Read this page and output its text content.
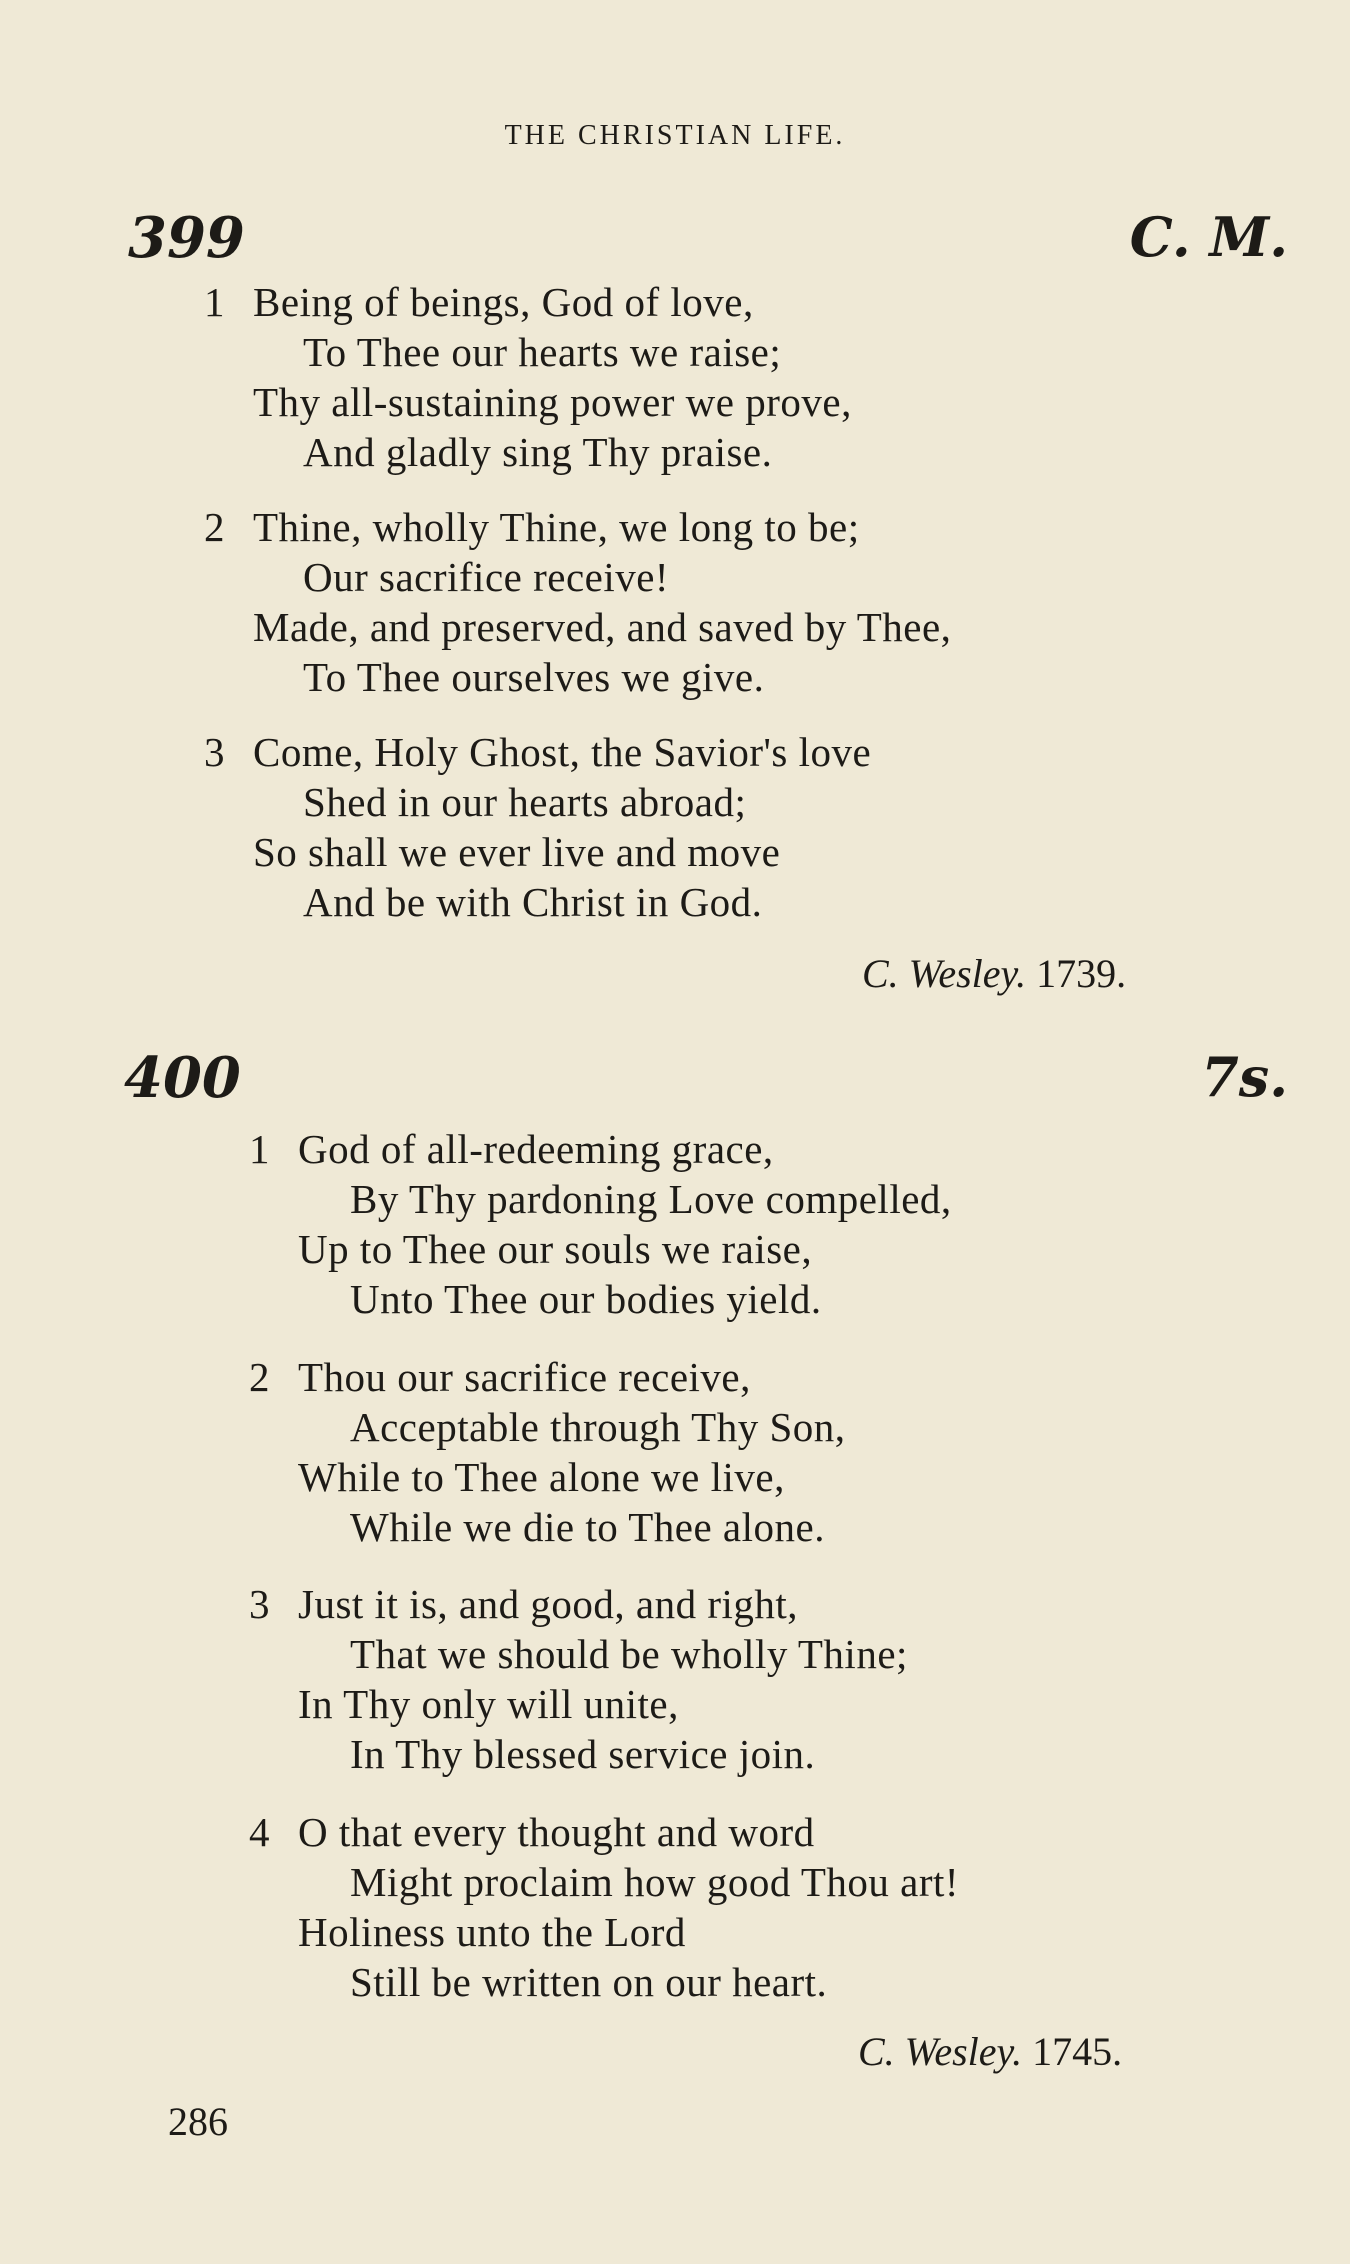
THE CHRISTIAN LIFE.
399	C. M.
1 Being of beings, God of love,
To Thee our hearts we raise;
Thy all-sustaining power we prove,
And gladly sing Thy praise.
2 Thine, wholly Thine, we long to be;
Our sacrifice receive!
Made, and preserved, and saved by Thee,
To Thee ourselves we give.
3 Come, Holy Ghost, the Savior's love
Shed in our hearts abroad;
So shall we ever live and move
And be with Christ in God.
C. Wesley. 1739.
400	7s.
1 God of all-redeeming grace,
By Thy pardoning Love compelled,
Up to Thee our souls we raise,
Unto Thee our bodies yield.
2 Thou our sacrifice receive,
Acceptable through Thy Son,
While to Thee alone we live,
While we die to Thee alone.
3 Just it is, and good, and right,
That we should be wholly Thine;
In Thy only will unite,
In Thy blessed service join.
4 O that every thought and word
Might proclaim how good Thou art!
Holiness unto the Lord
Still be written on our heart.
C. Wesley. 1745.
286
